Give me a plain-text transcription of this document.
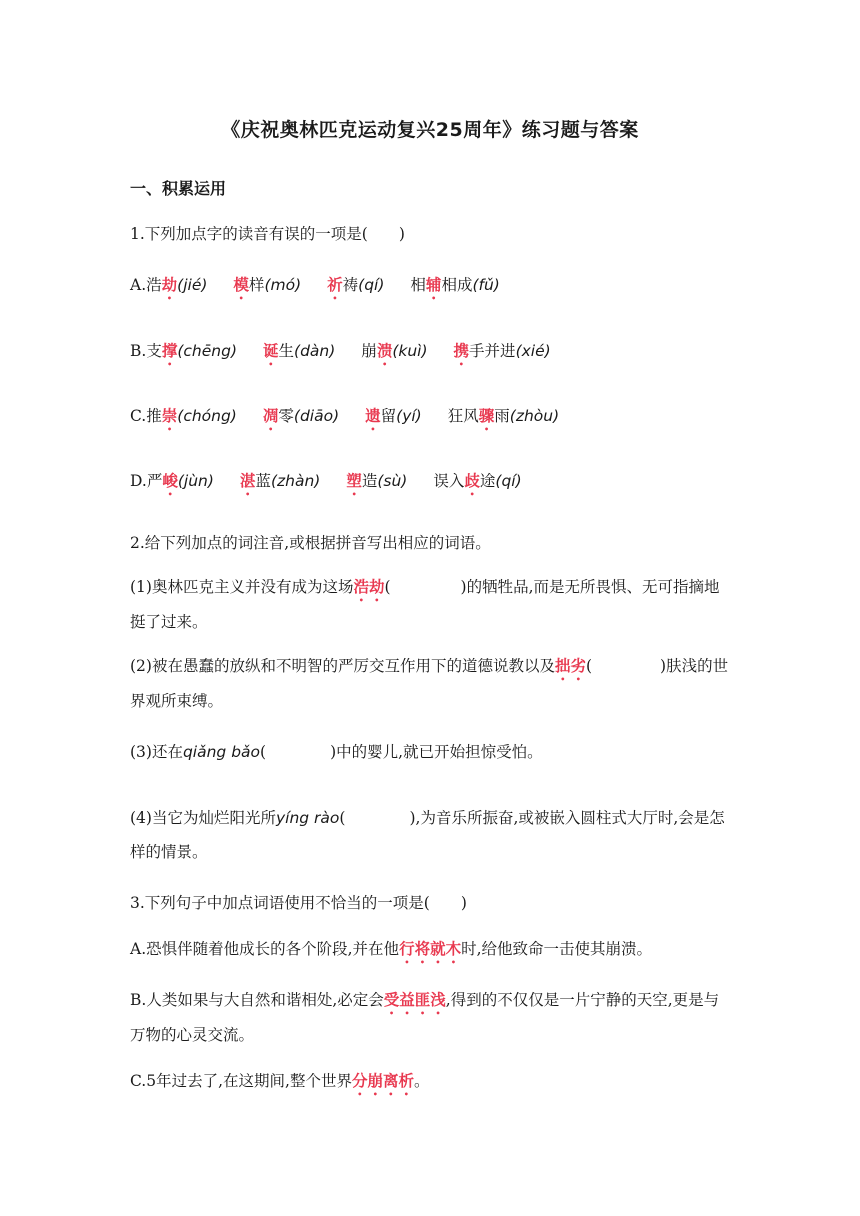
《庆祝奥林匹克运动复兴25周年》练习题与答案
一、积累运用
1.下列加点字的读音有误的一项是(　　)
A.浩劫(jié) 模样(mó) 祈祷(qí) 相辅相成(fǔ)
B.支撑(chēng) 诞生(dàn) 崩溃(kuì) 携手并进(xié)
C.推崇(chóng) 凋零(diāo) 遗留(yí) 狂风骤雨(zhòu)
D.严峻(jùn) 湛蓝(zhàn) 塑造(sù) 误入歧途(qí)
2.给下列加点的词注音,或根据拼音写出相应的词语。
(1)奥林匹克主义并没有成为这场浩劫(	)的牺牲品,而是无所畏惧、无可指摘地挺了过来。
(2)被在愚蠢的放纵和不明智的严厉交互作用下的道德说教以及拙劣(	)肤浅的世界观所束缚。
(3)还在qiǎng bǎo(	)中的婴儿,就已开始担惊受怕。
(4)当它为灿烂阳光所yíng rào(	),为音乐所振奋,或被嵌入圆柱式大厅时,会是怎样的情景。
3.下列句子中加点词语使用不恰当的一项是(　　)
A.恐惧伴随着他成长的各个阶段,并在他行将就木时,给他致命一击使其崩溃。
B.人类如果与大自然和谐相处,必定会受益匪浅,得到的不仅仅是一片宁静的天空,更是与万物的心灵交流。
C.5年过去了,在这期间,整个世界分崩离析。
